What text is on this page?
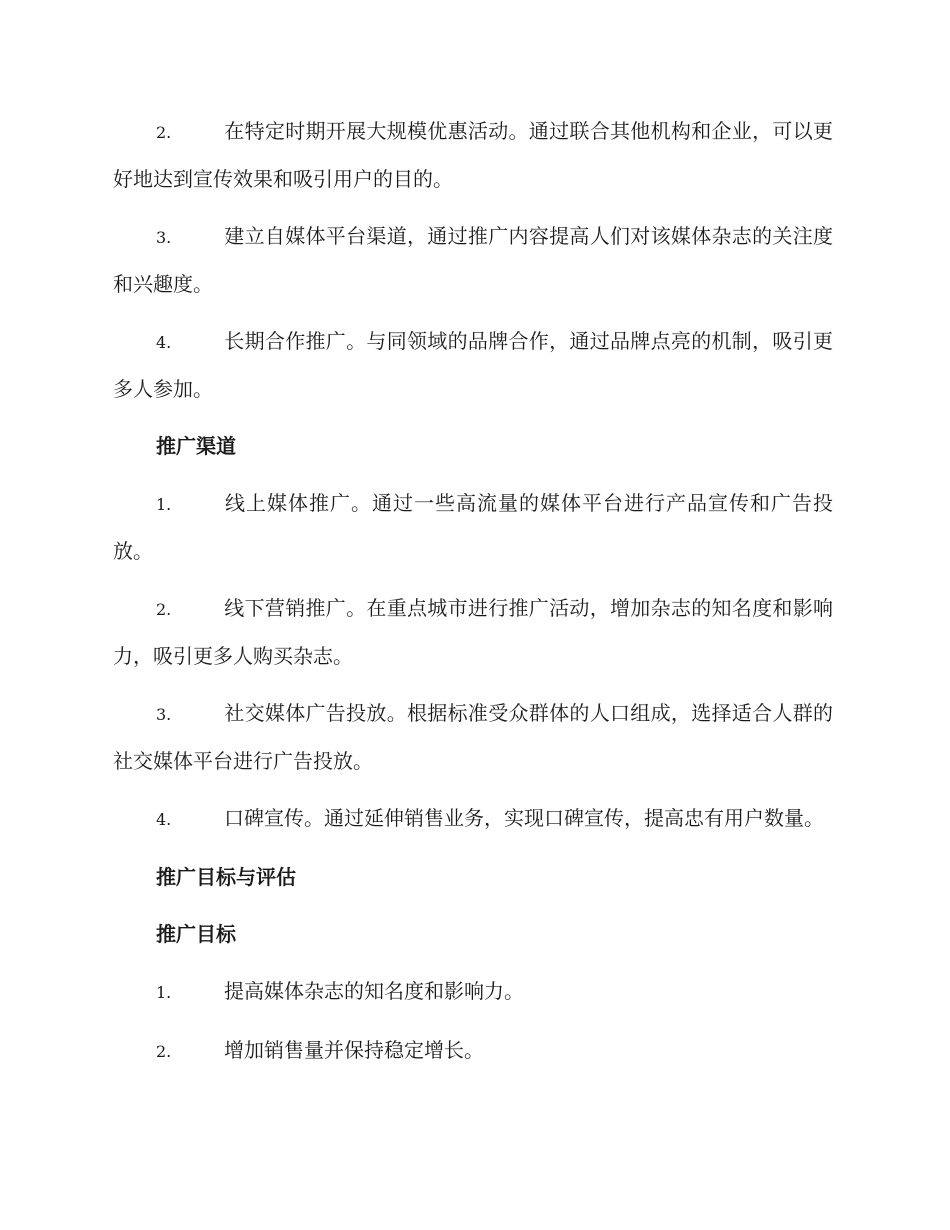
2.	在特定时期开展大规模优惠活动。通过联合其他机构和企业，可以更好地达到宣传效果和吸引用户的目的。

3.	建立自媒体平台渠道，通过推广内容提高人们对该媒体杂志的关注度和兴趣度。

4.	长期合作推广。与同领域的品牌合作，通过品牌点亮的机制，吸引更多人参加。

推广渠道

1.	线上媒体推广。通过一些高流量的媒体平台进行产品宣传和广告投放。

2.	线下营销推广。在重点城市进行推广活动，增加杂志的知名度和影响力，吸引更多人购买杂志。

3.	社交媒体广告投放。根据标准受众群体的人口组成，选择适合人群的社交媒体平台进行广告投放。

4.	口碑宣传。通过延伸销售业务，实现口碑宣传，提高忠有用户数量。

推广目标与评估

推广目标

1.	提高媒体杂志的知名度和影响力。

2.	增加销售量并保持稳定增长。
